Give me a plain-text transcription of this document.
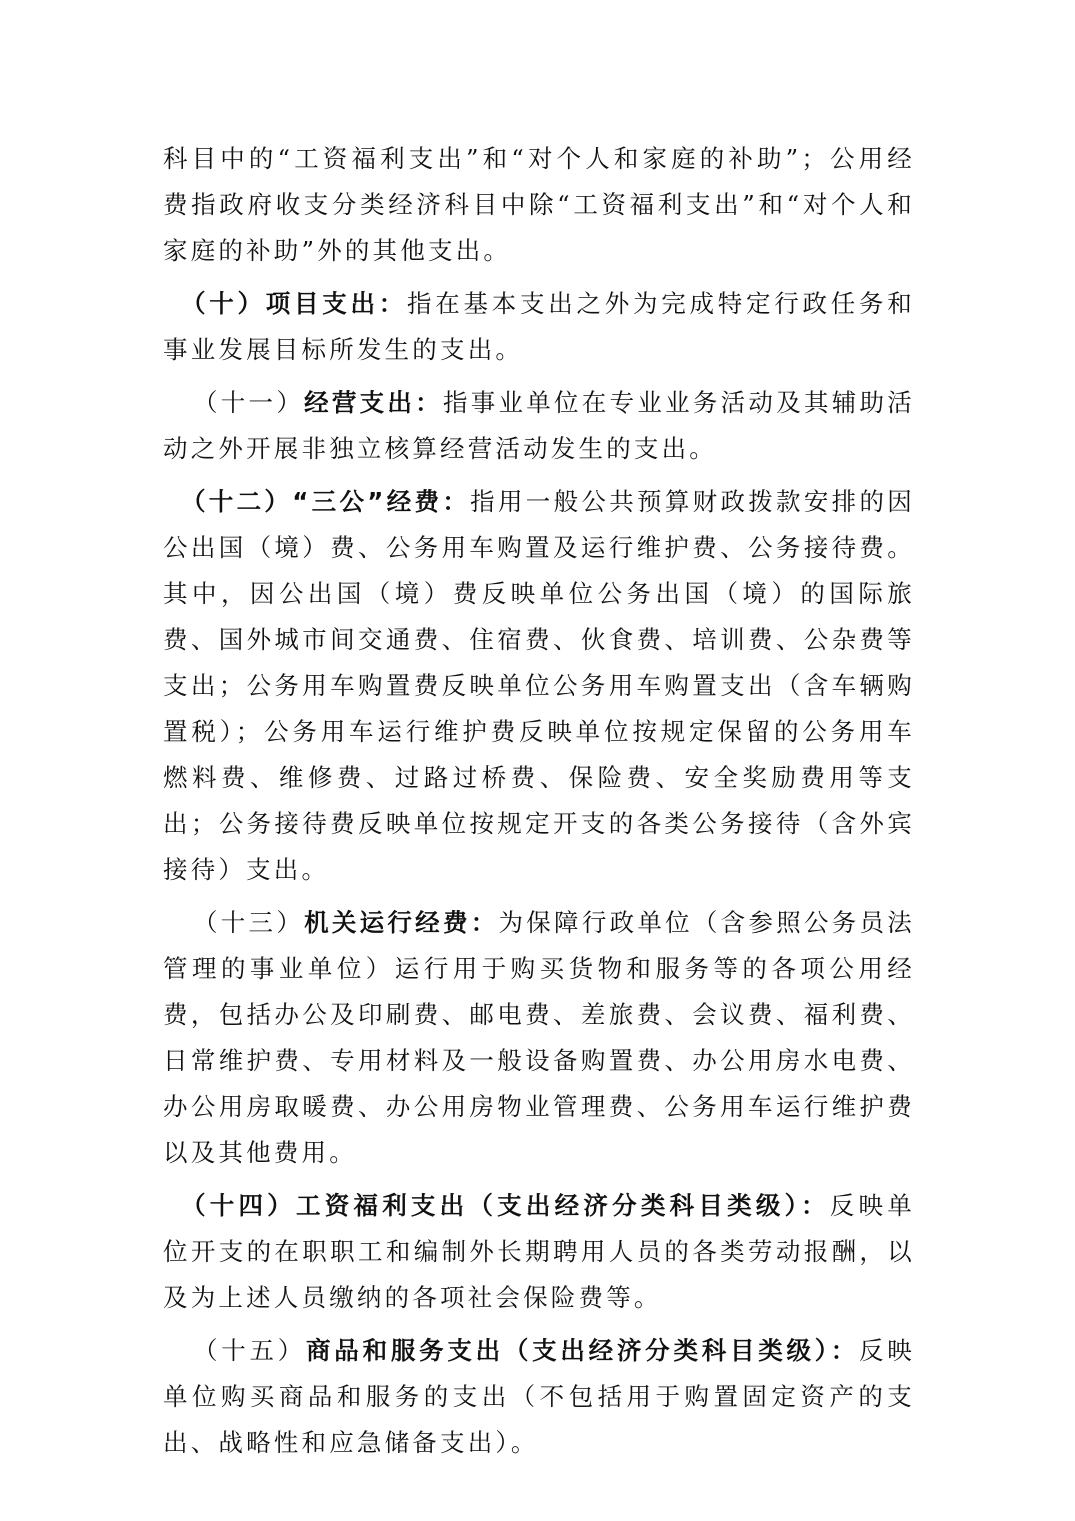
科目中的“工资福利支出”和“对个人和家庭的补助”；公用经费指政府收支分类经济科目中除“工资福利支出”和“对个人和家庭的补助”外的其他支出。

（十）项目支出：指在基本支出之外为完成特定行政任务和事业发展目标所发生的支出。

（十一）经营支出：指事业单位在专业业务活动及其辅助活动之外开展非独立核算经营活动发生的支出。

（十二）“三公”经费：指用一般公共预算财政拨款安排的因公出国（境）费、公务用车购置及运行维护费、公务接待费。其中，因公出国（境）费反映单位公务出国（境）的国际旅费、国外城市间交通费、住宿费、伙食费、培训费、公杂费等支出；公务用车购置费反映单位公务用车购置支出（含车辆购置税）；公务用车运行维护费反映单位按规定保留的公务用车燃料费、维修费、过路过桥费、保险费、安全奖励费用等支出；公务接待费反映单位按规定开支的各类公务接待（含外宾接待）支出。

（十三）机关运行经费：为保障行政单位（含参照公务员法管理的事业单位）运行用于购买货物和服务等的各项公用经费，包括办公及印刷费、邮电费、差旅费、会议费、福利费、日常维护费、专用材料及一般设备购置费、办公用房水电费、办公用房取暖费、办公用房物业管理费、公务用车运行维护费以及其他费用。

（十四）工资福利支出（支出经济分类科目类级）：反映单位开支的在职职工和编制外长期聘用人员的各类劳动报酬，以及为上述人员缴纳的各项社会保险费等。

（十五）商品和服务支出（支出经济分类科目类级）：反映单位购买商品和服务的支出（不包括用于购置固定资产的支出、战略性和应急储备支出）。
